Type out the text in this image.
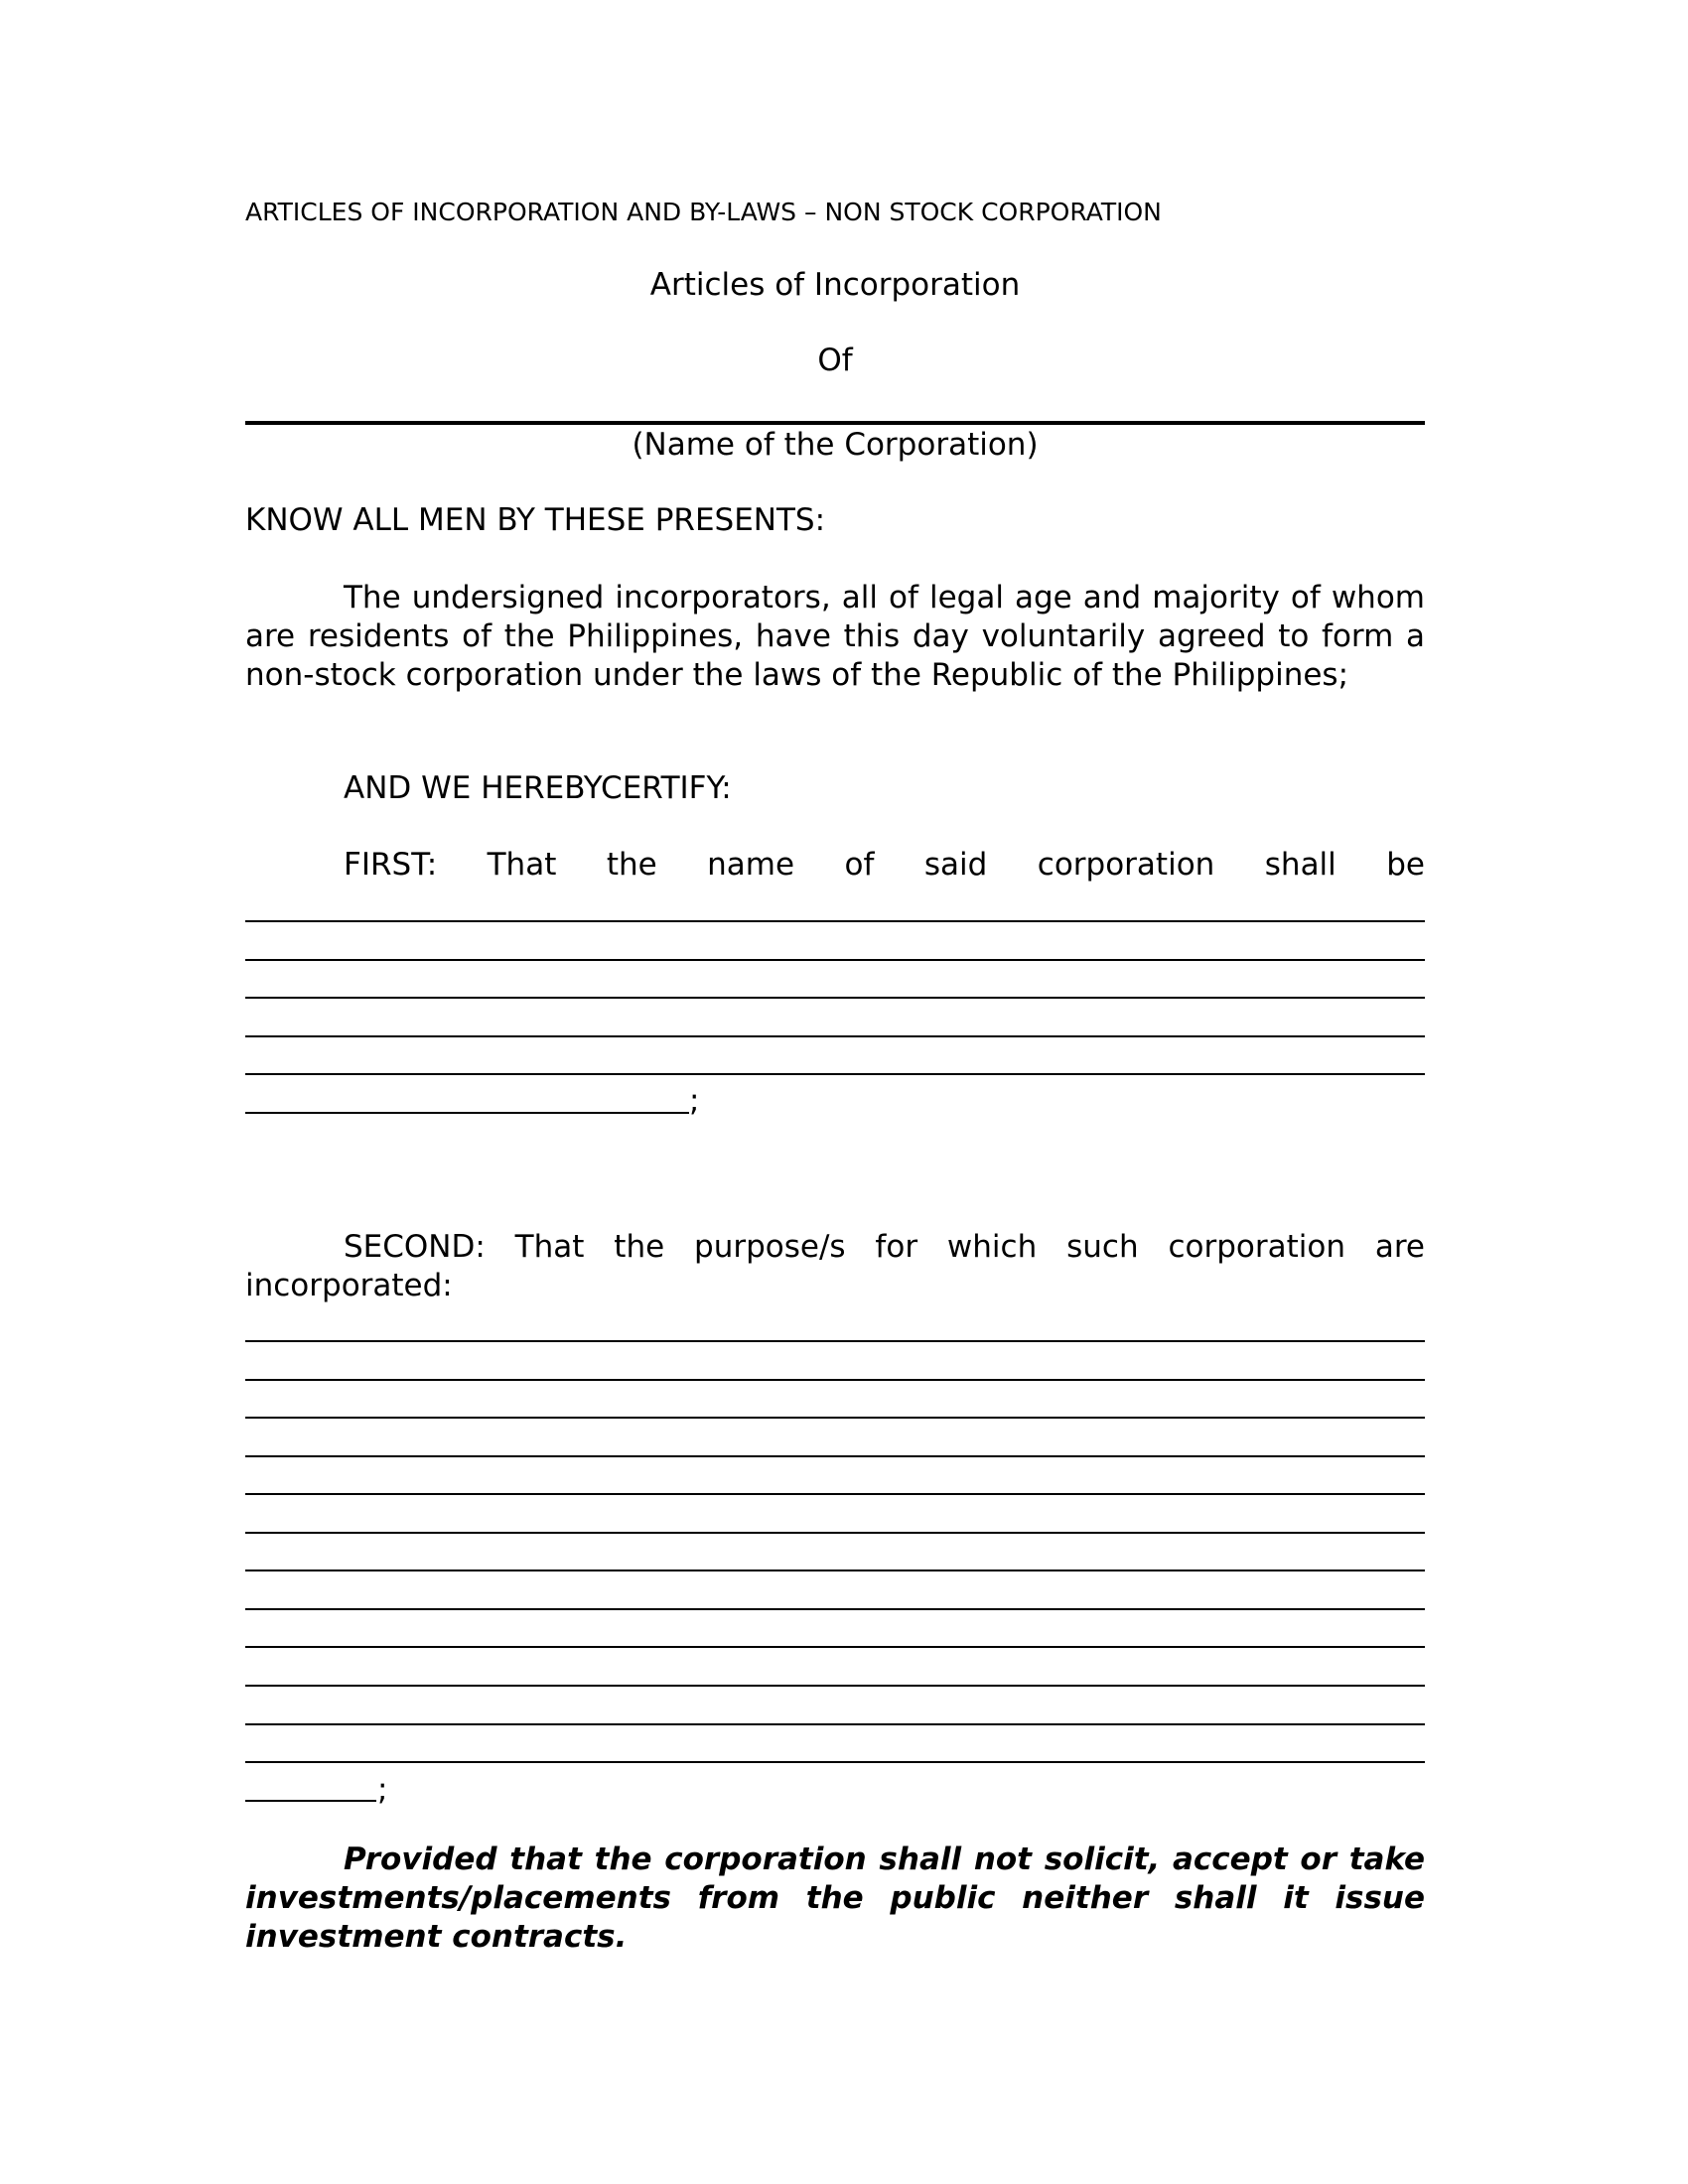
ARTICLES OF INCORPORATION AND BY-LAWS – NON STOCK CORPORATION
Articles of Incorporation
Of
(Name of the Corporation)
KNOW ALL MEN BY THESE PRESENTS:
The undersigned incorporators, all of legal age and majority of whom are residents of the Philippines, have this day voluntarily agreed to form a non-stock corporation under the laws of the Republic of the Philippines;
AND WE HEREBYCERTIFY:
FIRST: That the name of said corporation shall be
;
SECOND: That the purpose/s for which such corporation are incorporated:
;
Provided that the corporation shall not solicit, accept or take investments/placements from the public neither shall it issue investment contracts.
